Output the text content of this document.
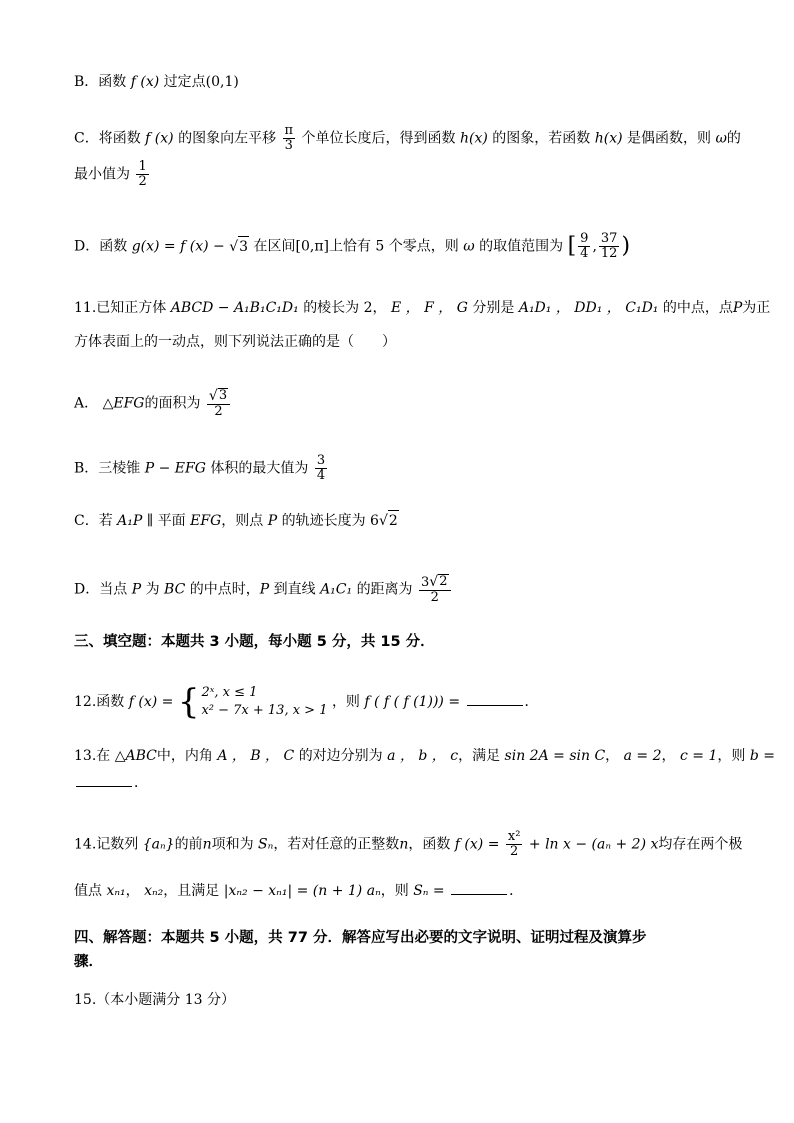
B．函数 f (x) 过定点(0,1)
C．将函数 f (x) 的图象向左平移 $\frac{\pi}{3}$ 个单位长度后，得到函数 h(x) 的图象，若函数 h(x) 是偶函数，则 ω的
最小值为 $\frac{1}{2}$
D．函数 g(x) = f (x) − √ 3 在区间[0,π]上恰有 5 个零点，则 ω 的取值范围为 [ $\frac{9}{4}$ , $\frac{37}{12}$ )
11.已知正方体 ABCD − A₁B₁C₁D₁ 的棱长为 2， E ， F ， G 分别是 A₁D₁ ， DD₁ ， C₁D₁ 的中点，点P为正
方体表面上的一动点，则下列说法正确的是（　　）
A． △EFG的面积为 $\frac{√ 3}{2}$
B．三棱锥 P − EFG 体积的最大值为 $\frac{3}{4}$
C．若 A₁P ∥ 平面 EFG，则点 P 的轨迹长度为 6 √ 2
D．当点 P 为 BC 的中点时，P 到直线 A₁C₁ 的距离为 $\frac{3 √ 2}{2}$
三、填空题：本题共 3 小题，每小题 5 分，共 15 分．
12.函数 f (x) = { 2ˣ, x ≤ 1
x² − 7x + 13, x > 1
，则 f ( f ( f (1))) =	．
13.在 △ABC中，内角 A ， B ， C 的对边分别为 a ， b ， c，满足 sin 2A = sin C， a = 2， c = 1，则 b =
．
14.记数列 {aₙ}的前n项和为 Sₙ，若对任意的正整数n，函数 f $(x) = \frac{\text{x²}}{2} + \ln x - (a_n + 2)$ x均存在两个极
值点 xₙ₁， xₙ₂，且满足 |xₙ₂ − xₙ₁| = (n + 1) aₙ，则 Sₙ =	．
四、解答题：本题共 5 小题，共 77 分．解答应写出必要的文字说明、证明过程及演算步
骤．
15.（本小题满分 13 分）
